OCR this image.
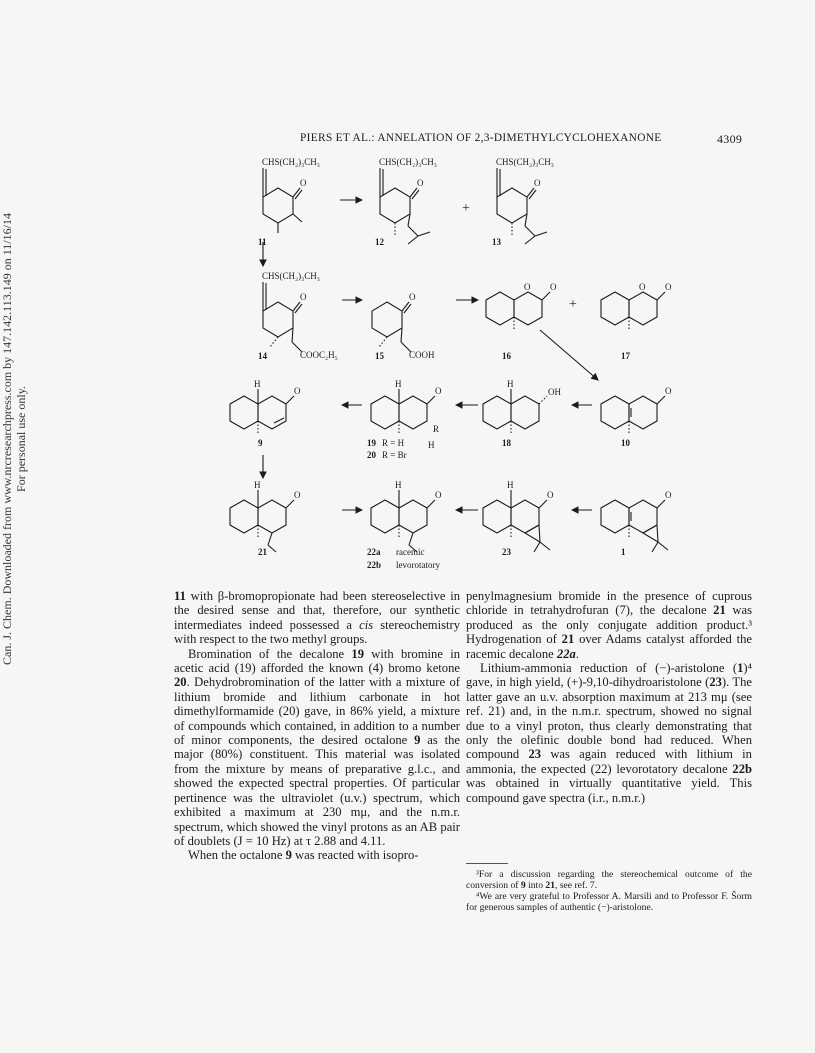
PIERS ET AL.: ANNELATION OF 2,3-DIMETHYLCYCLOHEXANONE	4309
Can. J. Chem. Downloaded from www.nrcresearchpress.com by 147.142.113.149 on 11/16/14 For personal use only.
CHS(CH₂)₃CH₃	CHS(CH₂)₃CH₃	CHS(CH₂)₃CH₃
CHS(CH₂)₃CH₃
O	O	O
O	O
O O	O O
O	O	O
O	O	O	O
H	H
H
R
H
OH
H	H	H
COOC₂H₅	COOH
+
+
11	12	13
14	15	16	17
9	19 R = H
20 R = Br
18	10
21	22a racemic
22b levorotatory
23	1

11 with β-bromopropionate had been stereoselective in the desired sense and that, therefore, our synthetic intermediates indeed possessed a cis stereochemistry with respect to the two methyl groups.

Bromination of the decalone 19 with bromine in acetic acid (19) afforded the known (4) bromo ketone 20. Dehydrobromination of the latter with a mixture of lithium bromide and lithium carbonate in hot dimethylformamide (20) gave, in 86% yield, a mixture of compounds which contained, in addition to a number of minor components, the desired octalone 9 as the major (80%) constituent. This material was isolated from the mixture by means of preparative g.l.c., and showed the expected spectral properties. Of particular pertinence was the ultraviolet (u.v.) spectrum, which exhibited a maximum at 230 mμ, and the n.m.r. spectrum, which showed the vinyl protons as an AB pair of doublets (J = 10 Hz) at τ 2.88 and 4.11.

When the octalone 9 was reacted with isopro-

penylmagnesium bromide in the presence of cuprous chloride in tetrahydrofuran (7), the decalone 21 was produced as the only conjugate addition product.³ Hydrogenation of 21 over Adams catalyst afforded the racemic decalone 22a.

Lithium-ammonia reduction of (−)-aristolone (1)⁴ gave, in high yield, (+)-9,10-dihydroaristolone (23). The latter gave an u.v. absorption maximum at 213 mμ (see ref. 21) and, in the n.m.r. spectrum, showed no signal due to a vinyl proton, thus clearly demonstrating that only the olefinic double bond had reduced. When compound 23 was again reduced with lithium in ammonia, the expected (22) levorotatory decalone 22b was obtained in virtually quantitative yield. This compound gave spectra (i.r., n.m.r.)

³For a discussion regarding the stereochemical outcome of the conversion of 9 into 21, see ref. 7.

⁴We are very grateful to Professor A. Marsili and to Professor F. Šorm for generous samples of authentic (−)-aristolone.
